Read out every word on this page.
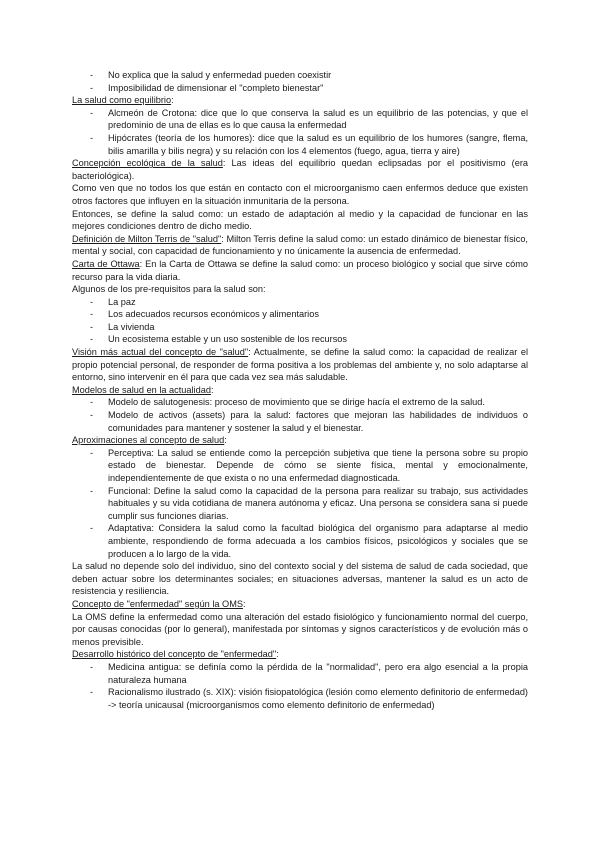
- No explica que la salud y enfermedad pueden coexistir
- Imposibilidad de dimensionar el "completo bienestar"

La salud como equilibrio:

- Alcmeón de Crotona: dice que lo que conserva la salud es un equilibrio de las potencias, y que el predominio de una de ellas es lo que causa la enfermedad
- Hipócrates (teoría de los humores): dice que la salud es un equilibrio de los humores (sangre, flema, bilis amarilla y bilis negra) y su relación con los 4 elementos (fuego, agua, tierra y aire)

Concepción ecológica de la salud: Las ideas del equilibrio quedan eclipsadas por el positivismo (era bacteriológica).

Como ven que no todos los que están en contacto con el microorganismo caen enfermos deduce que existen otros factores que influyen en la situación inmunitaria de la persona.

Entonces, se define la salud como: un estado de adaptación al medio y la capacidad de funcionar en las mejores condiciones dentro de dicho medio.

Definición de Milton Terris de "salud": Milton Terris define la salud como: un estado dinámico de bienestar físico, mental y social, con capacidad de funcionamiento y no únicamente la ausencia de enfermedad.

Carta de Ottawa: En la Carta de Ottawa se define la salud como: un proceso biológico y social que sirve cómo recurso para la vida diaria.

Algunos de los pre-requisitos para la salud son:

- La paz
- Los adecuados recursos económicos y alimentarios
- La vivienda
- Un ecosistema estable y un uso sostenible de los recursos

Visión más actual del concepto de "salud": Actualmente, se define la salud como: la capacidad de realizar el propio potencial personal, de responder de forma positiva a los problemas del ambiente y, no solo adaptarse al entorno, sino intervenir en él para que cada vez sea más saludable.

Modelos de salud en la actualidad:

- Modelo de salutogenesis: proceso de movimiento que se dirige hacía el extremo de la salud.
- Modelo de activos (assets) para la salud: factores que mejoran las habilidades de individuos o comunidades para mantener y sostener la salud y el bienestar.

Aproximaciones al concepto de salud:

- Perceptiva: La salud se entiende como la percepción subjetiva que tiene la persona sobre su propio estado de bienestar. Depende de cómo se siente física, mental y emocionalmente, independientemente de que exista o no una enfermedad diagnosticada.
- Funcional: Define la salud como la capacidad de la persona para realizar su trabajo, sus actividades habituales y su vida cotidiana de manera autónoma y eficaz. Una persona se considera sana si puede cumplir sus funciones diarias.
- Adaptativa: Considera la salud como la facultad biológica del organismo para adaptarse al medio ambiente, respondiendo de forma adecuada a los cambios físicos, psicológicos y sociales que se producen a lo largo de la vida.

La salud no depende solo del individuo, sino del contexto social y del sistema de salud de cada sociedad, que deben actuar sobre los determinantes sociales; en situaciones adversas, mantener la salud es un acto de resistencia y resiliencia.

Concepto de "enfermedad" según la OMS:

La OMS define la enfermedad como una alteración del estado fisiológico y funcionamiento normal del cuerpo, por causas conocidas (por lo general), manifestada por síntomas y signos característicos y de evolución más o menos previsible.

Desarrollo histórico del concepto de "enfermedad":

- Medicina antigua: se definía como la pérdida de la "normalidad", pero era algo esencial a la propia naturaleza humana
- Racionalismo ilustrado (s. XIX): visión fisiopatológica (lesión como elemento definitorio de enfermedad) -> teoría unicausal (microorganismos como elemento definitorio de enfermedad)
